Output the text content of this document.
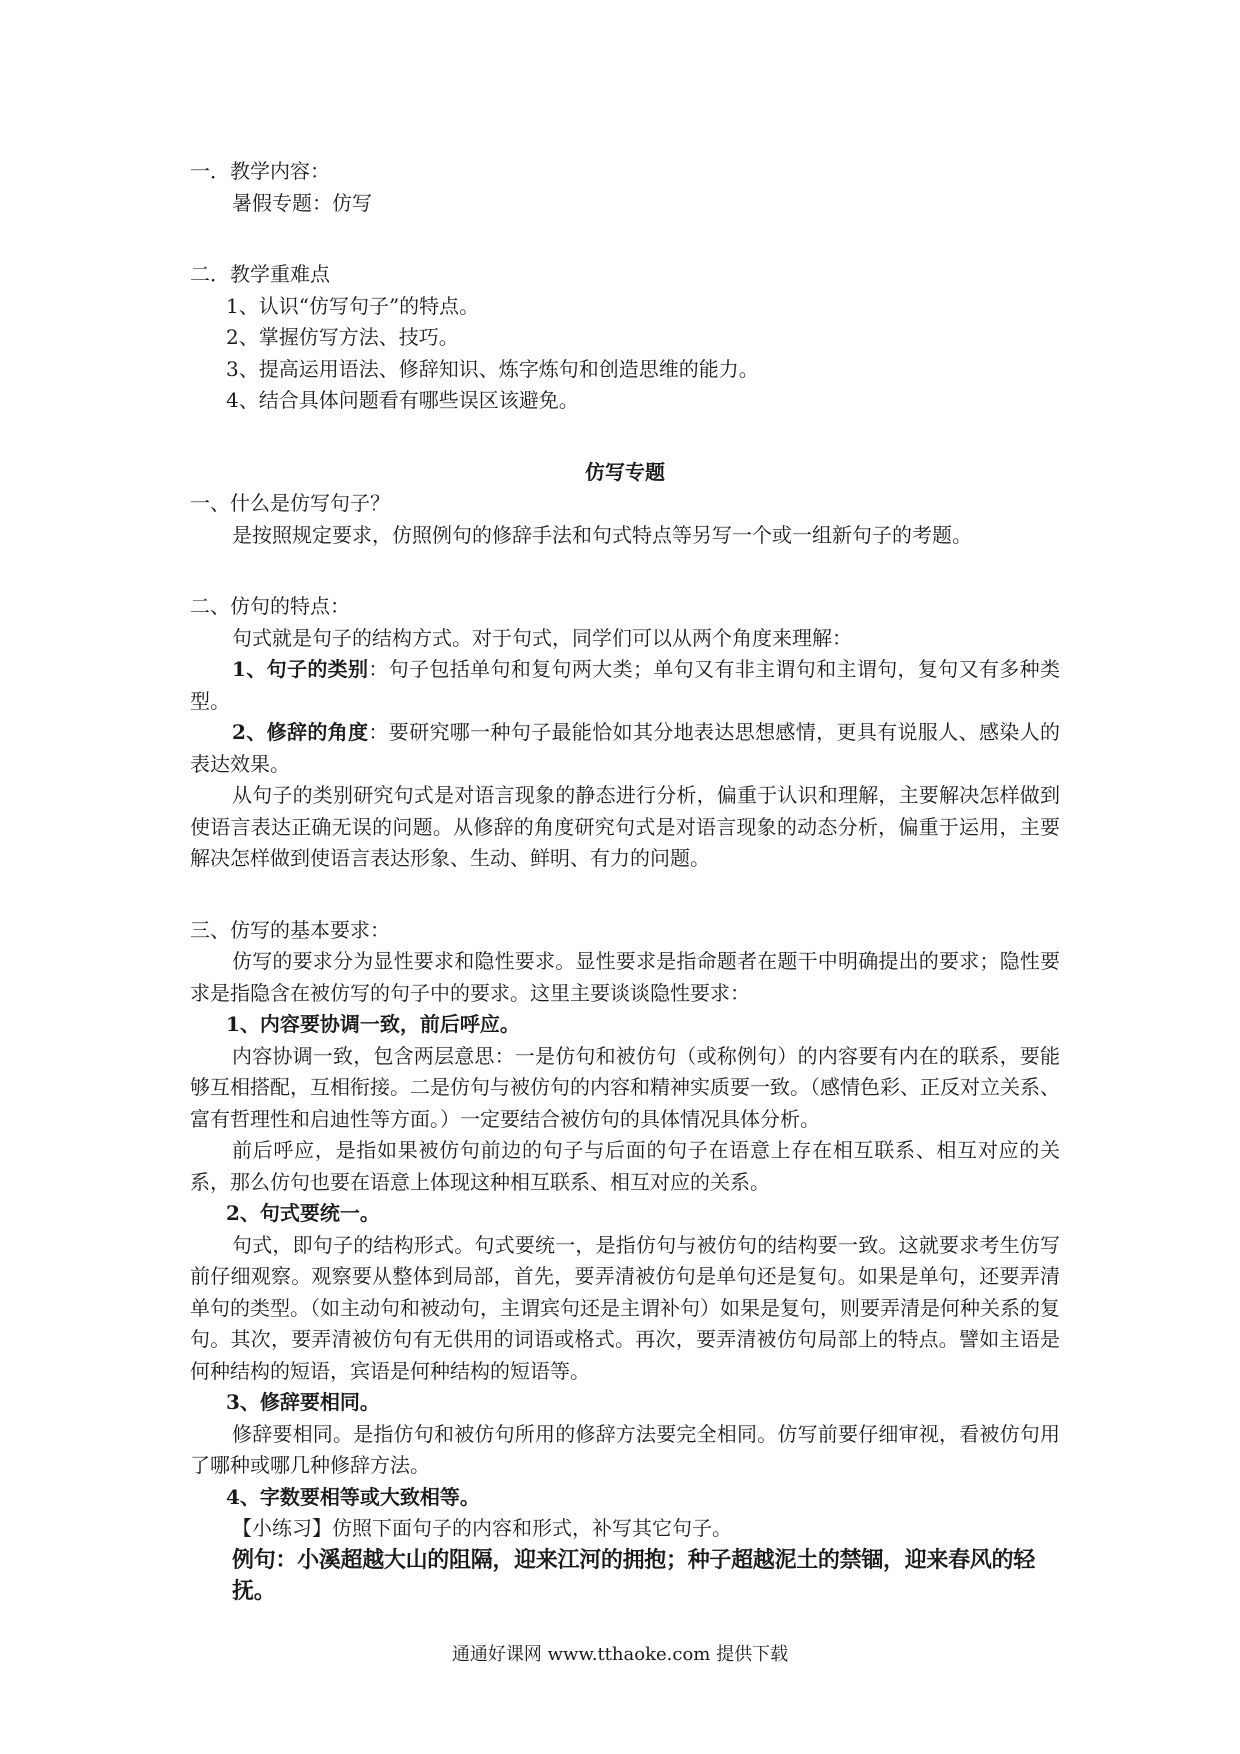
一．教学内容：

暑假专题：仿写

二．教学重难点

1、认识“仿写句子”的特点。

2、掌握仿写方法、技巧。

3、提高运用语法、修辞知识、炼字炼句和创造思维的能力。

4、结合具体问题看有哪些误区该避免。

仿写专题

一、什么是仿写句子？

是按照规定要求，仿照例句的修辞手法和句式特点等另写一个或一组新句子的考题。

二、仿句的特点：

句式就是句子的结构方式。对于句式，同学们可以从两个角度来理解：

1、句子的类别：句子包括单句和复句两大类；单句又有非主谓句和主谓句，复句又有多种类型。

2、修辞的角度：要研究哪一种句子最能恰如其分地表达思想感情，更具有说服人、感染人的表达效果。

从句子的类别研究句式是对语言现象的静态进行分析，偏重于认识和理解，主要解决怎样做到使语言表达正确无误的问题。从修辞的角度研究句式是对语言现象的动态分析，偏重于运用，主要解决怎样做到使语言表达形象、生动、鲜明、有力的问题。

三、仿写的基本要求：

仿写的要求分为显性要求和隐性要求。显性要求是指命题者在题干中明确提出的要求；隐性要求是指隐含在被仿写的句子中的要求。这里主要谈谈隐性要求：

1、内容要协调一致，前后呼应。

内容协调一致，包含两层意思：一是仿句和被仿句（或称例句）的内容要有内在的联系，要能够互相搭配，互相衔接。二是仿句与被仿句的内容和精神实质要一致。（感情色彩、正反对立关系、富有哲理性和启迪性等方面。）一定要结合被仿句的具体情况具体分析。

前后呼应，是指如果被仿句前边的句子与后面的句子在语意上存在相互联系、相互对应的关系，那么仿句也要在语意上体现这种相互联系、相互对应的关系。

2、句式要统一。

句式，即句子的结构形式。句式要统一，是指仿句与被仿句的结构要一致。这就要求考生仿写前仔细观察。观察要从整体到局部，首先，要弄清被仿句是单句还是复句。如果是单句，还要弄清单句的类型。（如主动句和被动句，主谓宾句还是主谓补句）如果是复句，则要弄清是何种关系的复句。其次，要弄清被仿句有无供用的词语或格式。再次，要弄清被仿句局部上的特点。譬如主语是何种结构的短语，宾语是何种结构的短语等。

3、修辞要相同。

修辞要相同。是指仿句和被仿句所用的修辞方法要完全相同。仿写前要仔细审视，看被仿句用了哪种或哪几种修辞方法。

4、字数要相等或大致相等。

【小练习】仿照下面句子的内容和形式，补写其它句子。

例句：小溪超越大山的阻隔，迎来江河的拥抱；种子超越泥土的禁锢，迎来春风的轻抚。

通通好课网 www.tthaoke.com 提供下载
